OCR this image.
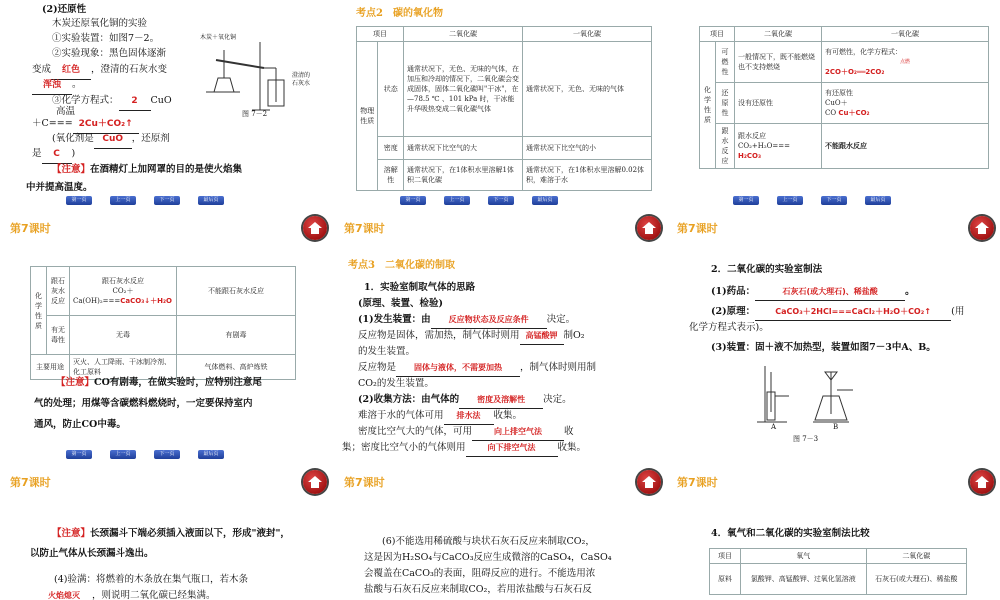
(2)还原性
木炭还原氧化铜的实验
①实验装置：如图7－2。
②实验现象：黑色固体逐渐
变成 红色 ，澄清的石灰水变
浑浊 。
③化学方程式： 2 CuO
高温
＋C=== 2Cu＋CO₂↑
(氧化剂是 CuO ，还原剂
是 C )
【注意】在酒精灯上加网罩的目的是使火焰集
中并提高温度。
木炭＋氧化铜
澄清的
石灰水
图 7－2
第一页	上一页	下一页	最后页
考点2　碳的氧化物
项目		二氧化碳	一氧化碳
物理性质	状态	通常状况下，无色、无味的气体，在加压和冷却的情况下，二氧化碳会变成固体，固体二氧化碳叫"干冰"，在—78.5 ℃ 、101 kPa 时，干冰能升华吸热变成二氧化碳气体	通常状况下，无色、无味的气体
	密度	通常状况下比空气的大	通常状况下比空气的小
	溶解性	通常状况下，在1体积水里溶解1体积二氧化碳	通常状况下，在1体积水里溶解0.02体积，难溶于水
第一页	上一页	下一页	最后页
项目		二氧化碳	一氧化碳
化学性质	可燃性	一般情况下，既不能燃烧也不支持燃烧	有可燃性，化学方程式：
点燃
2CO＋O₂══2CO₂

	还原性	没有还原性	有还原性
CuO＋
CO Cu＋CO₂

	跟水反应	跟水反应
CO₂+H₂O===
H₂CO₃	不能跟水反应
第一页	上一页	下一页	最后页
第7课时
化学性质	跟石灰水反应	跟石灰水反应
CO₂＋
Ca(OH)₂===CaCO₃↓＋H₂O	不能跟石灰水反应
	有无毒性	无毒	有剧毒
主要用途		灭火、人工降雨、干冰制冷剂、化工原料	气体燃料、高炉炼铁
【注意】CO有剧毒，在做实验时，应特别注意尾
气的处理；用煤等含碳燃料燃烧时，一定要保持室内
通风，防止CO中毒。
第一页	上一页	下一页	最后页
第7课时
考点3　二氧化碳的制取
1．实验室制取气体的思路
(原理、装置、检验)
(1)发生装置：由 反应物状态及反应条件 决定。
反应物是固体，需加热，制气体时则用 高锰酸钾 制O₂
的发生装置。
反应物是 固体与液体，不需要加热 ，制气体时则用制
CO₂的发生装置。
(2)收集方法：由气体的 密度及溶解性 决定。
难溶于水的气体可用 排水法 收集。
密度比空气大的气体，可用	向上排空气法 收
集；密度比空气小的气体则用	向下排空气法 收集。
第7课时
2．二氧化碳的实验室制法
(1)药品：	石灰石(或大理石)、稀盐酸	。
(2)原理：	CaCO₃＋2HCl===CaCl₂＋H₂O＋CO₂↑ (用
化学方程式表示)。
(3)装置：固＋液不加热型，装置如图7－3中A、B。
A	B
图 7－3
第7课时
【注意】长颈漏斗下端必须插入液面以下，形成"液封"，
以防止气体从长颈漏斗逸出。
(4)验满：将燃着的木条放在集气瓶口，若木条
火焰熄灭 ，则说明二氧化碳已经集满。
第7课时
(6)不能选用稀硫酸与块状石灰石反应来制取CO₂，
这是因为H₂SO₄与CaCO₃反应生成微溶的CaSO₄，CaSO₄
会覆盖在CaCO₃的表面，阻碍反应的进行。不能选用浓
盐酸与石灰石反应来制取CO₂，若用浓盐酸与石灰石反
第7课时
4．氧气和二氧化碳的实验室制法比较
项目	氧气	二氧化碳
原料	氯酸钾、高锰酸钾、过氧化氢溶液	石灰石(或大理石)、稀盐酸
